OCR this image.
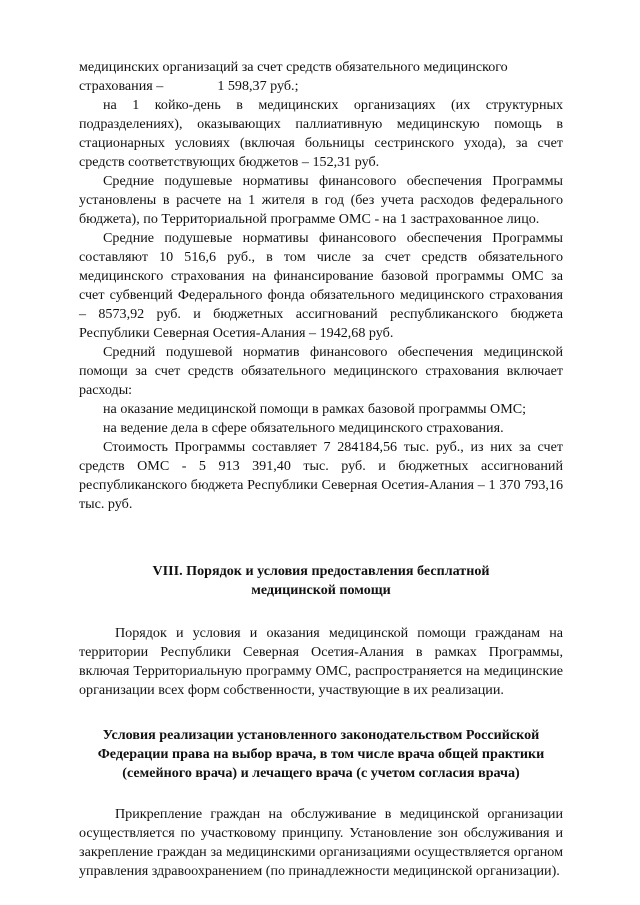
медицинских организаций за счет средств обязательного медицинского

страхования –	1 598,37 руб.;

на 1 койко-день в медицинских организациях (их структурных подразделениях), оказывающих паллиативную медицинскую помощь в стационарных условиях (включая больницы сестринского ухода), за счет средств соответствующих бюджетов – 152,31 руб.

Средние подушевые нормативы финансового обеспечения Программы установлены в расчете на 1 жителя в год (без учета расходов федерального бюджета), по Территориальной программе ОМС - на 1 застрахованное лицо.

Средние подушевые нормативы финансового обеспечения Программы составляют 10 516,6 руб., в том числе за счет средств обязательного медицинского страхования на финансирование базовой программы ОМС за счет субвенций Федерального фонда обязательного медицинского страхования – 8573,92 руб. и бюджетных ассигнований республиканского бюджета Республики Северная Осетия-Алания – 1942,68 руб.

Средний подушевой норматив финансового обеспечения медицинской помощи за счет средств обязательного медицинского страхования включает расходы:

на оказание медицинской помощи в рамках базовой программы ОМС;

на ведение дела в сфере обязательного медицинского страхования.

Стоимость Программы составляет 7 284184,56 тыс. руб., из них за счет средств ОМС - 5 913 391,40 тыс. руб. и бюджетных ассигнований республиканского бюджета Республики Северная Осетия-Алания – 1 370 793,16 тыс. руб.

VIII. Порядок и условия предоставления бесплатной

медицинской помощи

Порядок и условия и оказания медицинской помощи гражданам на территории Республики Северная Осетия-Алания в рамках Программы, включая Территориальную программу ОМС, распространяется на медицинские организации всех форм собственности, участвующие в их реализации.

Условия реализации установленного законодательством Российской

Федерации права на выбор врача, в том числе врача общей практики

(семейного врача) и лечащего врача (с учетом согласия врача)

Прикрепление граждан на обслуживание в медицинской организации осуществляется по участковому принципу. Установление зон обслуживания и закрепление граждан за медицинскими организациями осуществляется органом управления здравоохранением (по принадлежности медицинской организации).
